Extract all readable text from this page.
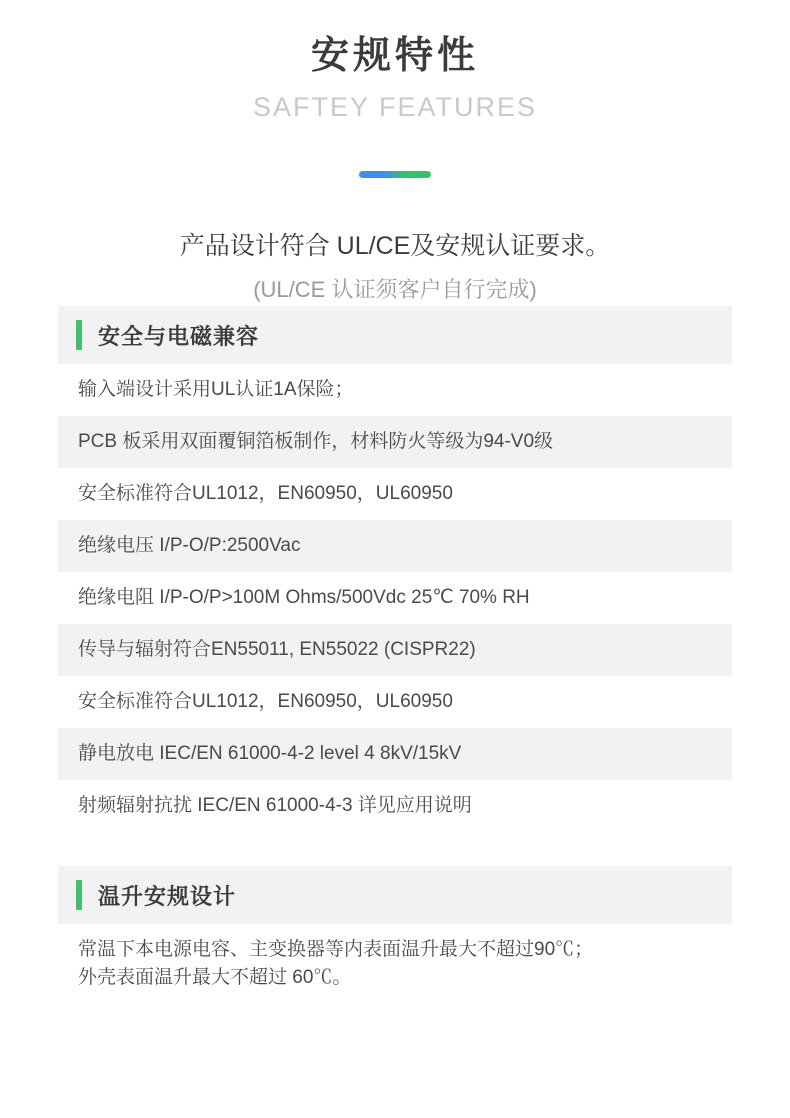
安规特性
SAFTEY FEATURES
产品设计符合 UL/CE及安规认证要求。
(UL/CE 认证须客户自行完成)
安全与电磁兼容
输入端设计采用UL认证1A保险；
PCB 板采用双面覆铜箔板制作，材料防火等级为94-V0级
安全标准符合UL1012，EN60950，UL60950
绝缘电压 I/P-O/P:2500Vac
绝缘电阻 I/P-O/P>100M Ohms/500Vdc 25℃ 70% RH
传导与辐射符合EN55011, EN55022 (CISPR22)
安全标准符合UL1012，EN60950，UL60950
静电放电 IEC/EN 61000-4-2 level 4 8kV/15kV
射频辐射抗扰 IEC/EN 61000-4-3 详见应用说明
温升安规设计
常温下本电源电容、主变换器等内表面温升最大不超过90℃；
外壳表面温升最大不超过 60℃。
